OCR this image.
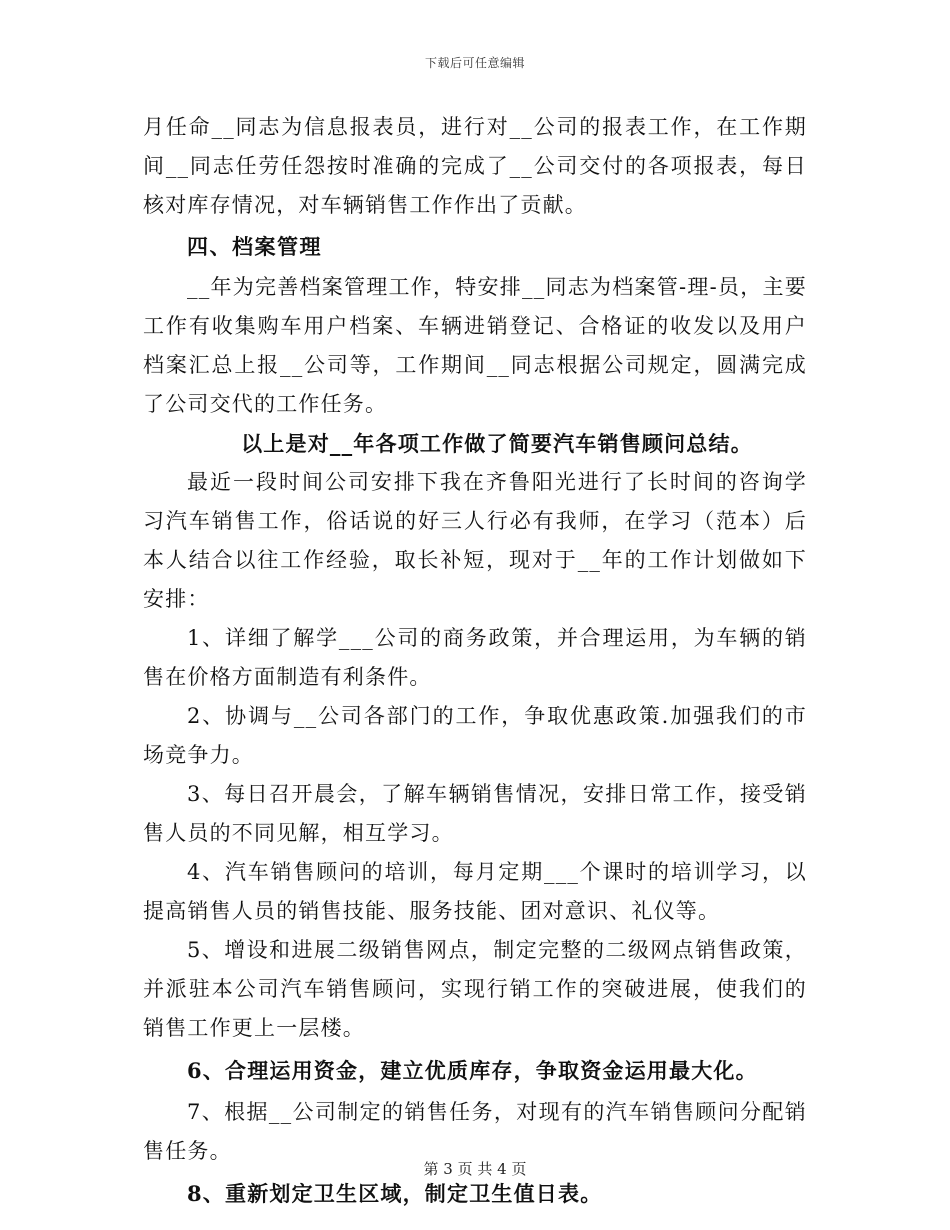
下载后可任意编辑

月任命__同志为信息报表员，进行对__公司的报表工作，在工作期间__同志任劳任怨按时准确的完成了__公司交付的各项报表，每日核对库存情况，对车辆销售工作作出了贡献。

四、档案管理

__年为完善档案管理工作，特安排__同志为档案管-理-员，主要工作有收集购车用户档案、车辆进销登记、合格证的收发以及用户档案汇总上报__公司等，工作期间__同志根据公司规定，圆满完成了公司交代的工作任务。

以上是对__年各项工作做了简要汽车销售顾问总结。

最近一段时间公司安排下我在齐鲁阳光进行了长时间的咨询学习汽车销售工作，俗话说的好三人行必有我师，在学习（范本）后本人结合以往工作经验，取长补短，现对于__年的工作计划做如下安排：

1、详细了解学___公司的商务政策，并合理运用，为车辆的销售在价格方面制造有利条件。

2、协调与__公司各部门的工作，争取优惠政策.加强我们的市场竞争力。

3、每日召开晨会，了解车辆销售情况，安排日常工作，接受销售人员的不同见解，相互学习。

4、汽车销售顾问的培训，每月定期___个课时的培训学习，以提高销售人员的销售技能、服务技能、团对意识、礼仪等。

5、增设和进展二级销售网点，制定完整的二级网点销售政策，并派驻本公司汽车销售顾问，实现行销工作的突破进展，使我们的销售工作更上一层楼。

6、合理运用资金，建立优质库存，争取资金运用最大化。

7、根据__公司制定的销售任务，对现有的汽车销售顾问分配销售任务。

8、重新划定卫生区域，制定卫生值日表。

第 3 页 共 4 页
